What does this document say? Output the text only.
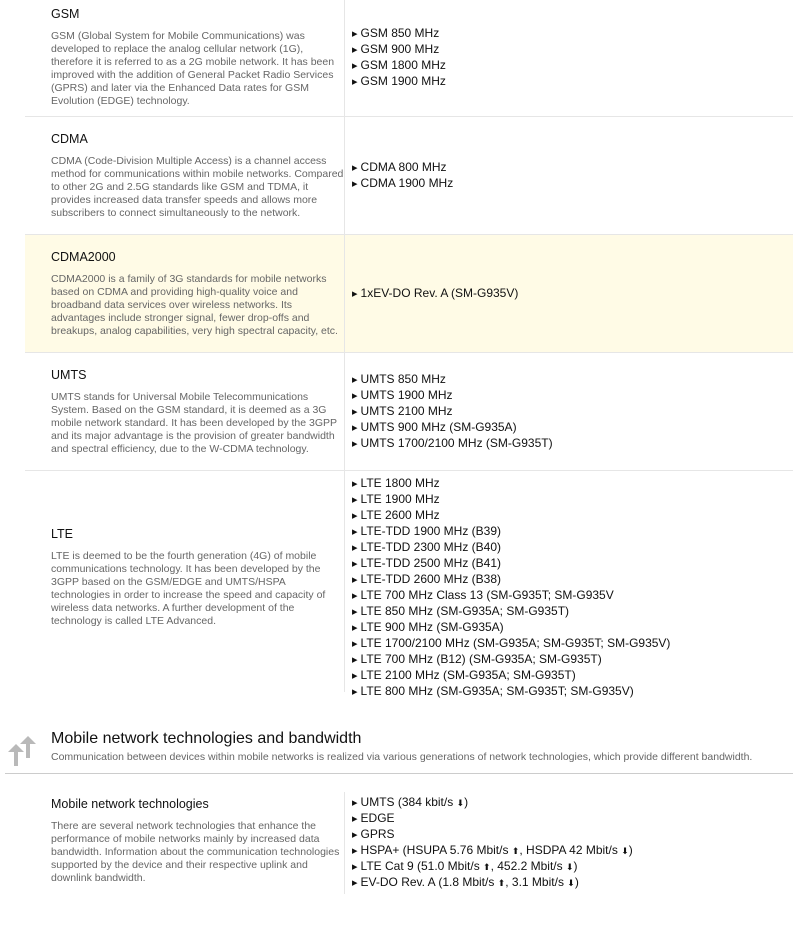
GSM
GSM (Global System for Mobile Communications) was developed to replace the analog cellular network (1G), therefore it is referred to as a 2G mobile network. It has been improved with the addition of General Packet Radio Services (GPRS) and later via the Enhanced Data rates for GSM Evolution (EDGE) technology.
▸ GSM 850 MHz
▸ GSM 900 MHz
▸ GSM 1800 MHz
▸ GSM 1900 MHz
CDMA
CDMA (Code-Division Multiple Access) is a channel access method for communications within mobile networks. Compared to other 2G and 2.5G standards like GSM and TDMA, it provides increased data transfer speeds and allows more subscribers to connect simultaneously to the network.
▸ CDMA 800 MHz
▸ CDMA 1900 MHz
CDMA2000
CDMA2000 is a family of 3G standards for mobile networks based on CDMA and providing high-quality voice and broadband data services over wireless networks. Its advantages include stronger signal, fewer drop-offs and breakups, analog capabilities, very high spectral capacity, etc.
▸ 1xEV-DO Rev. A (SM-G935V)
UMTS
UMTS stands for Universal Mobile Telecommunications System. Based on the GSM standard, it is deemed as a 3G mobile network standard. It has been developed by the 3GPP and its major advantage is the provision of greater bandwidth and spectral efficiency, due to the W-CDMA technology.
▸ UMTS 850 MHz
▸ UMTS 1900 MHz
▸ UMTS 2100 MHz
▸ UMTS 900 MHz (SM-G935A)
▸ UMTS 1700/2100 MHz (SM-G935T)
LTE
LTE is deemed to be the fourth generation (4G) of mobile communications technology. It has been developed by the 3GPP based on the GSM/EDGE and UMTS/HSPA technologies in order to increase the speed and capacity of wireless data networks. A further development of the technology is called LTE Advanced.
▸ LTE 1800 MHz
▸ LTE 1900 MHz
▸ LTE 2600 MHz
▸ LTE-TDD 1900 MHz (B39)
▸ LTE-TDD 2300 MHz (B40)
▸ LTE-TDD 2500 MHz (B41)
▸ LTE-TDD 2600 MHz (B38)
▸ LTE 700 MHz Class 13 (SM-G935T; SM-G935V
▸ LTE 850 MHz (SM-G935A; SM-G935T)
▸ LTE 900 MHz (SM-G935A)
▸ LTE 1700/2100 MHz (SM-G935A; SM-G935T; SM-G935V)
▸ LTE 700 MHz (B12) (SM-G935A; SM-G935T)
▸ LTE 2100 MHz (SM-G935A; SM-G935T)
▸ LTE 800 MHz (SM-G935A; SM-G935T; SM-G935V)
Mobile network technologies and bandwidth
Communication between devices within mobile networks is realized via various generations of network technologies, which provide different bandwidth.
Mobile network technologies
There are several network technologies that enhance the performance of mobile networks mainly by increased data bandwidth. Information about the communication technologies supported by the device and their respective uplink and downlink bandwidth.
▸ UMTS (384 kbit/s ⬇)
▸ EDGE
▸ GPRS
▸ HSPA+ (HSUPA 5.76 Mbit/s ⬆, HSDPA 42 Mbit/s ⬇)
▸ LTE Cat 9 (51.0 Mbit/s ⬆, 452.2 Mbit/s ⬇)
▸ EV-DO Rev. A (1.8 Mbit/s ⬆, 3.1 Mbit/s ⬇)
